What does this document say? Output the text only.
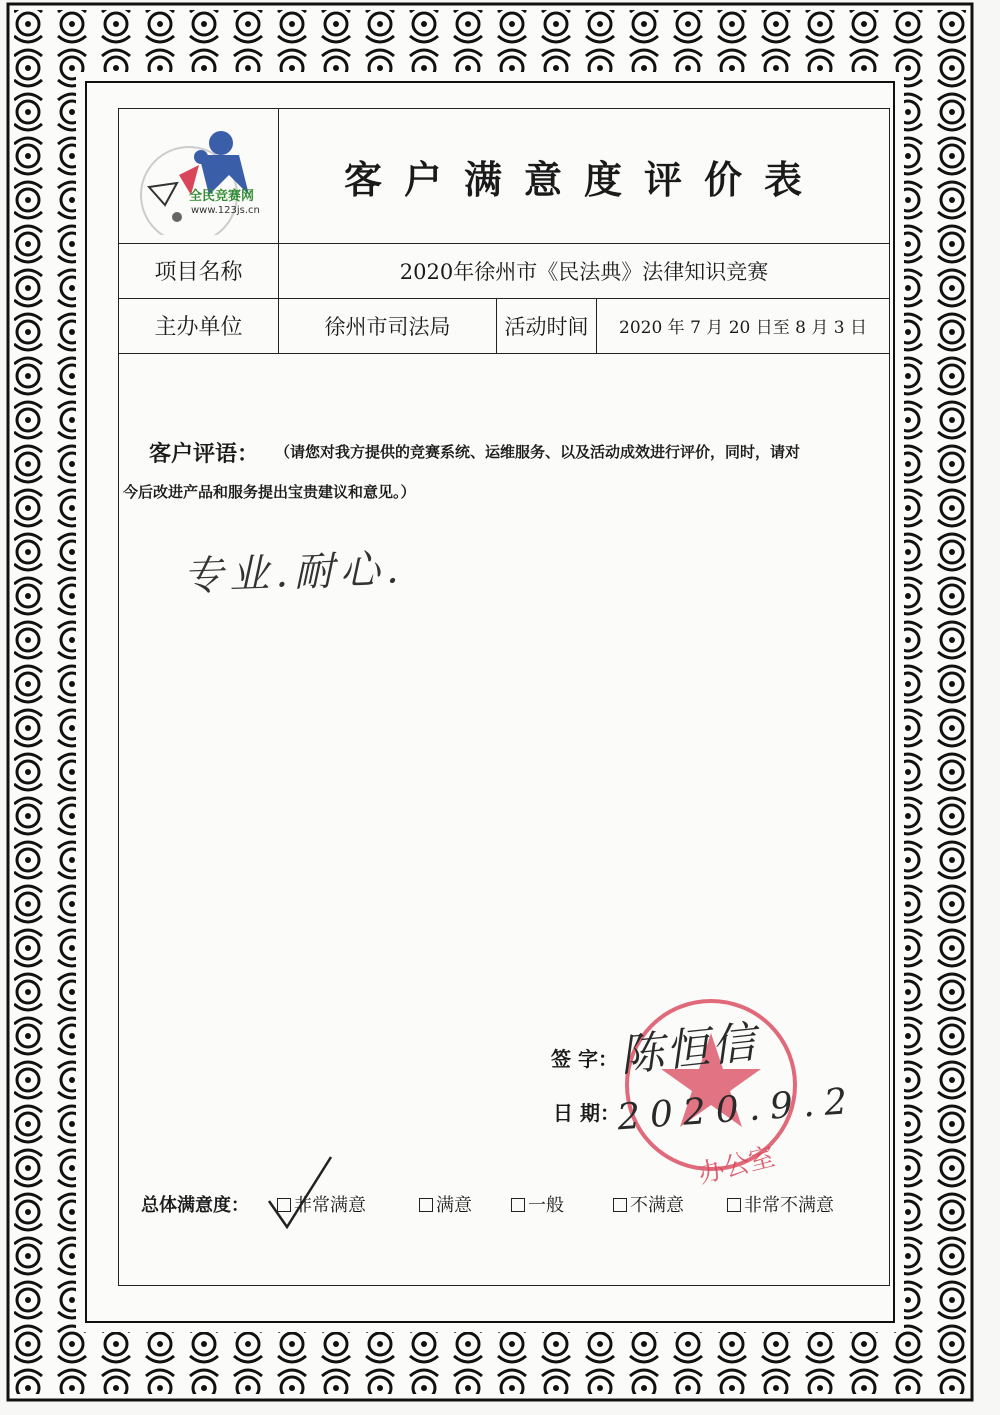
全民竞赛网
www.123js.cn
客户满意度评价表
项目名称	2020年徐州市《民法典》法律知识竞赛
主办单位	徐州市司法局	活动时间	2020 年 7 月 20 日至 8 月 3 日
客户评语： （请您对我方提供的竞赛系统、运维服务、以及活动成效进行评价，同时，请对
今后改进产品和服务提出宝贵建议和意见。）
专业.耐心.
办公室
签 字： 陈恒信
日 期：
2020.9.2
总体满意度：	非常满意	满意	一般	不满意	非常不满意
